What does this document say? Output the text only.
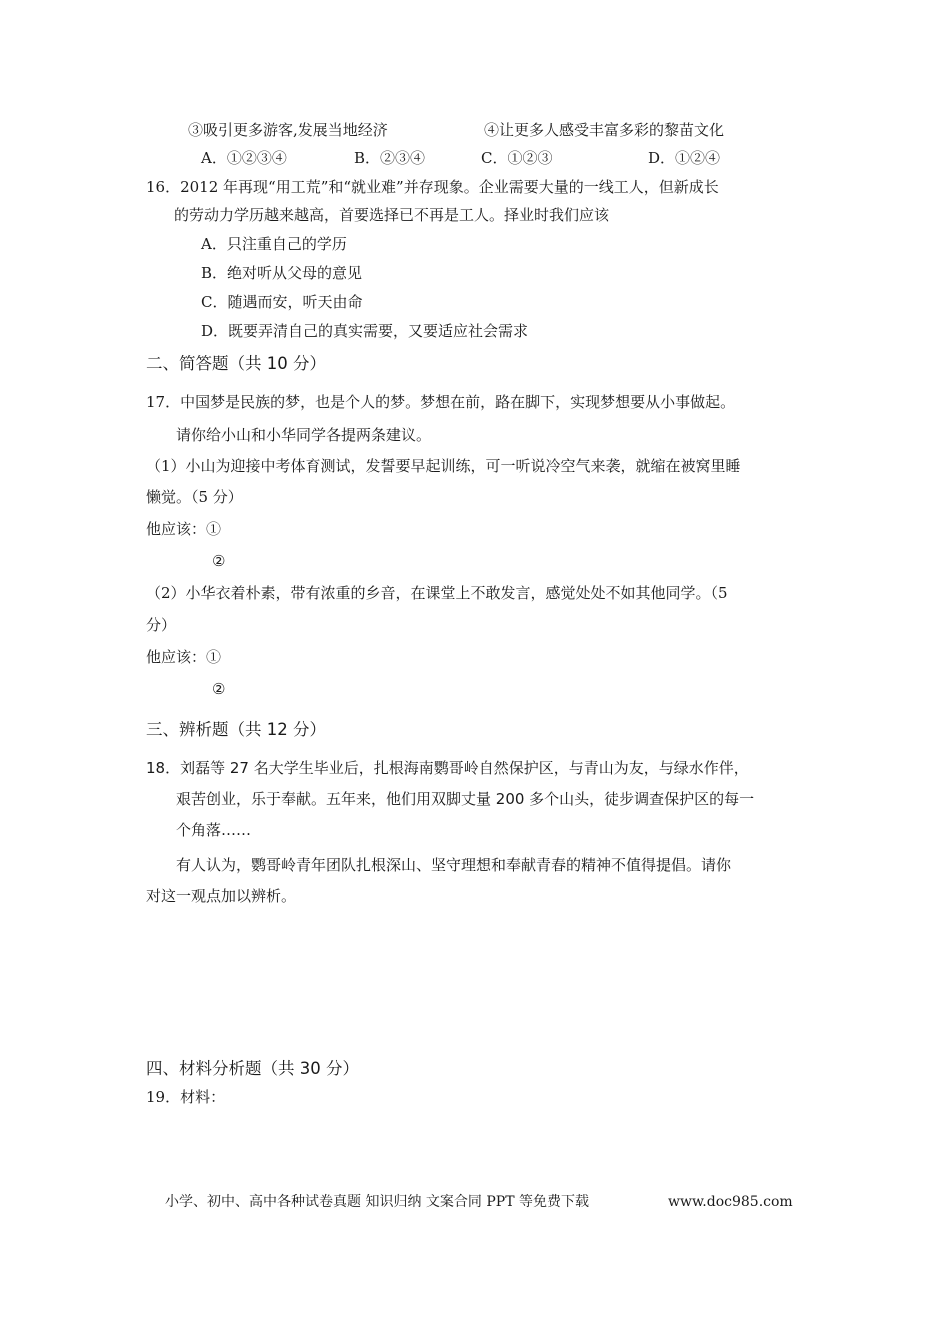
③吸引更多游客,发展当地经济	④让更多人感受丰富多彩的黎苗文化
A．①②③④	B．②③④	C．①②③	D．①②④
16．2012 年再现“用工荒”和“就业难”并存现象。企业需要大量的一线工人，但新成长
的劳动力学历越来越高，首要选择已不再是工人。择业时我们应该
A．只注重自己的学历
B．绝对听从父母的意见
C．随遇而安，听天由命
D．既要弄清自己的真实需要，又要适应社会需求
二、简答题（共 10 分）
17．中国梦是民族的梦，也是个人的梦。梦想在前，路在脚下，实现梦想要从小事做起。
请你给小山和小华同学各提两条建议。
（1）小山为迎接中考体育测试，发誓要早起训练，可一听说冷空气来袭，就缩在被窝里睡
懒觉。（5 分）
他应该：①
②
（2）小华衣着朴素，带有浓重的乡音，在课堂上不敢发言，感觉处处不如其他同学。（5
分）
他应该：①
②
三、辨析题（共 12 分）
18．刘磊等 27 名大学生毕业后，扎根海南鹦哥岭自然保护区，与青山为友，与绿水作伴，
艰苦创业，乐于奉献。五年来，他们用双脚丈量 200 多个山头，徒步调查保护区的每一
个角落……
有人认为，鹦哥岭青年团队扎根深山、坚守理想和奉献青春的精神不值得提倡。请你
对这一观点加以辨析。
四、材料分析题（共 30 分）
19．材料：
小学、初中、高中各种试卷真题 知识归纳 文案合同 PPT 等免费下载	www.doc985.com
